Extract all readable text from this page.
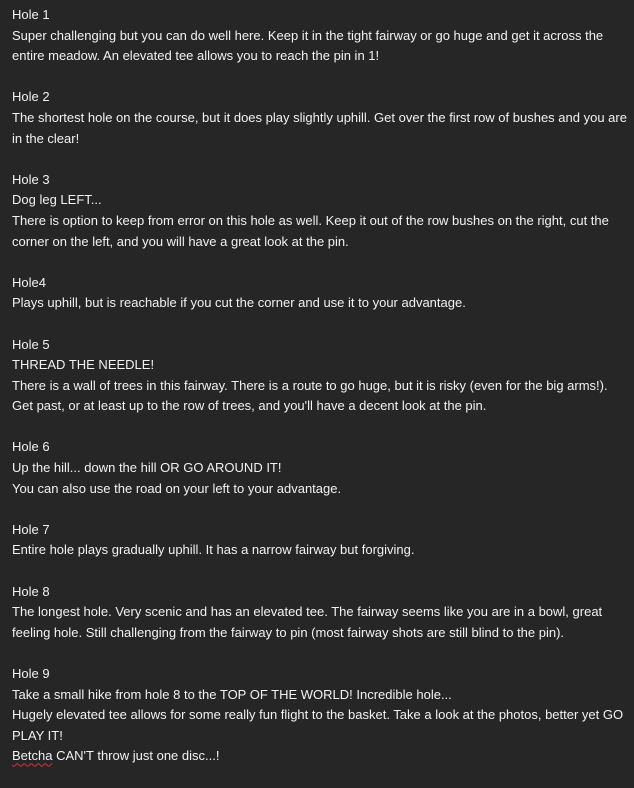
Hole 1
Super challenging but you can do well here. Keep it in the tight fairway or go huge and get it across the entire meadow. An elevated tee allows you to reach the pin in 1!
Hole 2
The shortest hole on the course, but it does play slightly uphill. Get over the first row of bushes and you are in the clear!
Hole 3
Dog leg LEFT...
There is option to keep from error on this hole as well. Keep it out of the row bushes on the right, cut the corner on the left, and you will have a great look at the pin.
Hole4
Plays uphill, but is reachable if you cut the corner and use it to your advantage.
Hole 5
THREAD THE NEEDLE!
There is a wall of trees in this fairway. There is a route to go huge, but it is risky (even for the big arms!). Get past, or at least up to the row of trees, and you'll have a decent look at the pin.
Hole 6
Up the hill... down the hill OR GO AROUND IT!
You can also use the road on your left to your advantage.
Hole 7
Entire hole plays gradually uphill. It has a narrow fairway but forgiving.
Hole 8
The longest hole. Very scenic and has an elevated tee. The fairway seems like you are in a bowl, great feeling hole. Still challenging from the fairway to pin (most fairway shots are still blind to the pin).
Hole 9
Take a small hike from hole 8 to the TOP OF THE WORLD! Incredible hole...
Hugely elevated tee allows for some really fun flight to the basket. Take a look at the photos, better yet GO PLAY IT!
Betcha CAN'T throw just one disc...!
